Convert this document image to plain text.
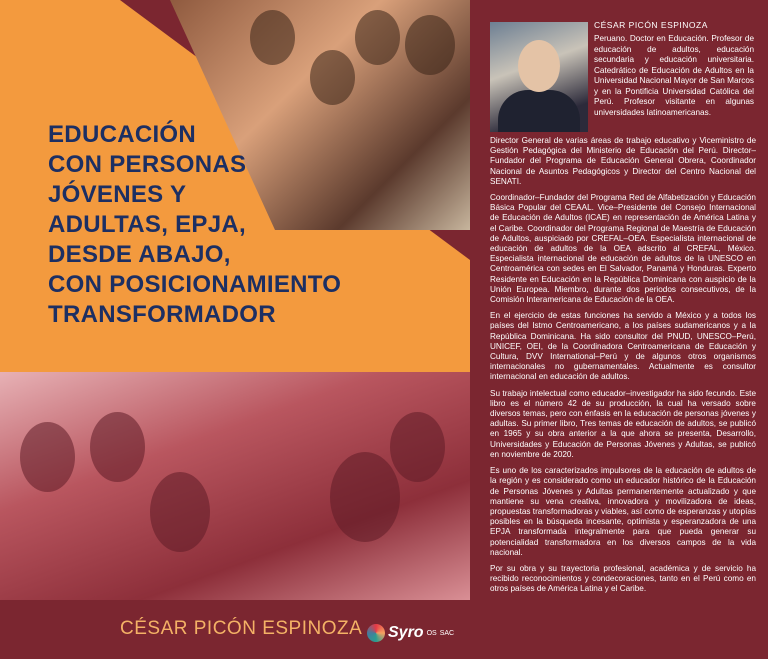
EDUCACIÓN
CON PERSONAS
JÓVENES Y
ADULTAS, EPJA,
DESDE ABAJO,
CON POSICIONAMIENTO
TRANSFORMADOR
CÉSAR PICÓN ESPINOZA Syro OS SAC
CÉSAR PICÓN ESPINOZA
Peruano. Doctor en Educación. Profesor de educación de adultos, educación secundaria y educación universitaria. Catedrático de Educación de Adultos en la Universidad Nacional Mayor de San Marcos y en la Pontificia Universidad Católica del Perú. Profesor visitante en algunas universidades latinoamericanas.

Director General de varias áreas de trabajo educativo y Viceministro de Gestión Pedagógica del Ministerio de Educación del Perú. Director–Fundador del Programa de Educación General Obrera, Coordinador Nacional de Asuntos Pedagógicos y Director del Centro Nacional del SENATI.

Coordinador–Fundador del Programa Red de Alfabetización y Educación Básica Popular del CEAAL. Vice–Presidente del Consejo Internacional de Educación de Adultos (ICAE) en representación de América Latina y el Caribe. Coordinador del Programa Regional de Maestría de Educación de Adultos, auspiciado por CREFAL–OEA. Especialista internacional de educación de adultos de la OEA adscrito al CREFAL, México. Especialista internacional de educación de adultos de la UNESCO en Centroamérica con sedes en El Salvador, Panamá y Honduras. Experto Residente en Educación en la República Dominicana con auspicio de la Unión Europea. Miembro, durante dos periodos consecutivos, de la Comisión Interamericana de Educación de la OEA.

En el ejercicio de estas funciones ha servido a México y a todos los países del Istmo Centroamericano, a los países sudamericanos y a la República Dominicana. Ha sido consultor del PNUD, UNESCO–Perú, UNICEF, OEI, de la Coordinadora Centroamericana de Educación y Cultura, DVV International–Perú y de algunos otros organismos internacionales no gubernamentales. Actualmente es consultor internacional en educación de adultos.

Su trabajo intelectual como educador–investigador ha sido fecundo. Este libro es el número 42 de su producción, la cual ha versado sobre diversos temas, pero con énfasis en la educación de personas jóvenes y adultas. Su primer libro, Tres temas de educación de adultos, se publicó en 1965 y su obra anterior a la que ahora se presenta, Desarrollo, Universidades y Educación de Personas Jóvenes y Adultas, se publicó en noviembre de 2020.

Es uno de los caracterizados impulsores de la educación de adultos de la región y es considerado como un educador histórico de la Educación de Personas Jóvenes y Adultas permanentemente actualizado y que mantiene su vena creativa, innovadora y movilizadora de ideas, propuestas transformadoras y viables, así como de esperanzas y utopías posibles en la búsqueda incesante, optimista y esperanzadora de una EPJA transformada integralmente para que pueda generar su potencialidad transformadora en los diversos campos de la vida nacional.

Por su obra y su trayectoria profesional, académica y de servicio ha recibido reconocimientos y condecoraciones, tanto en el Perú como en otros países de América Latina y el Caribe.
